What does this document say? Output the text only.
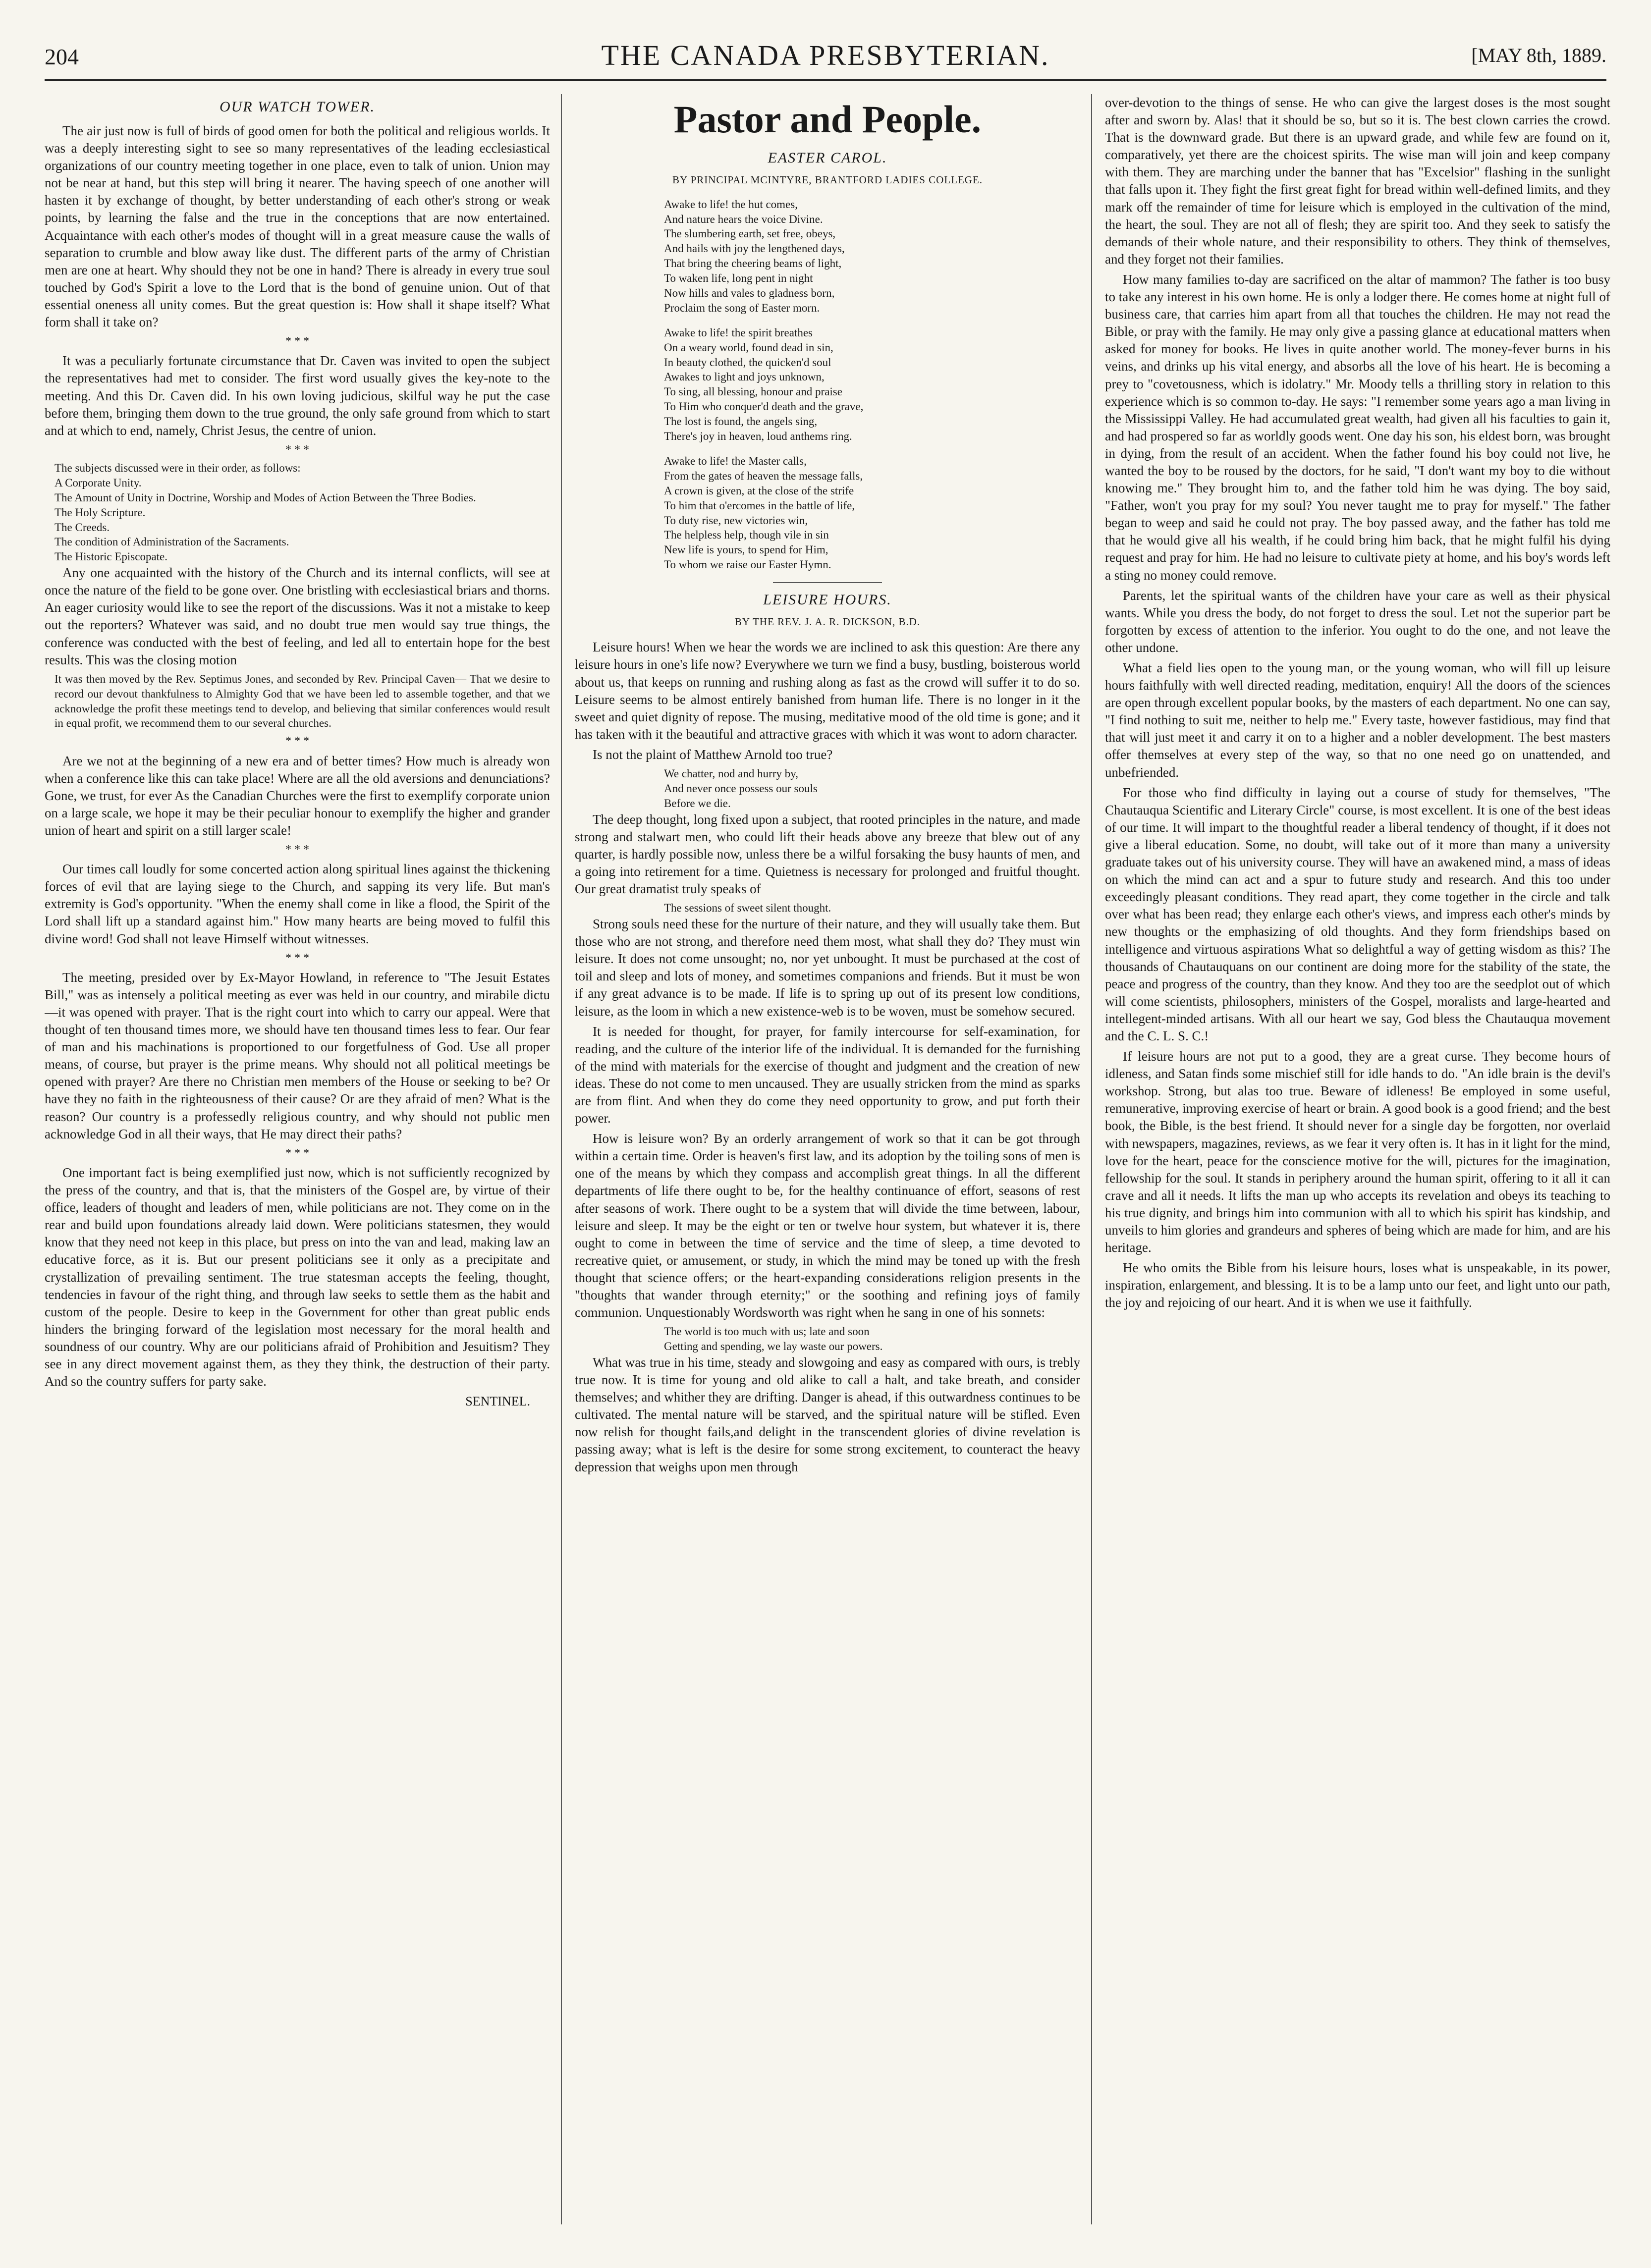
204	THE CANADA PRESBYTERIAN.	[MAY 8th, 1889.

OUR WATCH TOWER.

The air just now is full of birds of good omen for both the political and religious worlds. It was a deeply interesting sight to see so many representatives of the leading ecclesiastical organizations of our country meeting together in one place, even to talk of union. Union may not be near at hand, but this step will bring it nearer. The having speech of one another will hasten it by exchange of thought, by better understanding of each other's strong or weak points, by learning the false and the true in the conceptions that are now entertained. Acquaintance with each other's modes of thought will in a great measure cause the walls of separation to crumble and blow away like dust. The different parts of the army of Christian men are one at heart. Why should they not be one in hand? There is already in every true soul touched by God's Spirit a love to the Lord that is the bond of genuine union. Out of that essential oneness all unity comes. But the great question is: How shall it shape itself? What form shall it take on?

* * *

It was a peculiarly fortunate circumstance that Dr. Caven was invited to open the subject the representatives had met to consider. The first word usually gives the key-note to the meeting. And this Dr. Caven did. In his own loving judicious, skilful way he put the case before them, bringing them down to the true ground, the only safe ground from which to start and at which to end, namely, Christ Jesus, the centre of union.

* * *

The subjects discussed were in their order, as follows:

A Corporate Unity.

The Amount of Unity in Doctrine, Worship and Modes of Action Between the Three Bodies.

The Holy Scripture.

The Creeds.

The condition of Administration of the Sacraments.

The Historic Episcopate.

Any one acquainted with the history of the Church and its internal conflicts, will see at once the nature of the field to be gone over. One bristling with ecclesiastical briars and thorns. An eager curiosity would like to see the report of the discussions. Was it not a mistake to keep out the reporters? Whatever was said, and no doubt true men would say true things, the conference was conducted with the best of feeling, and led all to entertain hope for the best results. This was the closing motion

It was then moved by the Rev. Septimus Jones, and seconded by Rev. Principal Caven— That we desire to record our devout thankfulness to Almighty God that we have been led to assemble together, and that we acknowledge the profit these meetings tend to develop, and believing that similar conferences would result in equal profit, we recommend them to our several churches.

* * *

Are we not at the beginning of a new era and of better times? How much is already won when a conference like this can take place! Where are all the old aversions and denunciations? Gone, we trust, for ever As the Canadian Churches were the first to exemplify corporate union on a large scale, we hope it may be their peculiar honour to exemplify the higher and grander union of heart and spirit on a still larger scale!

* * *

Our times call loudly for some concerted action along spiritual lines against the thickening forces of evil that are laying siege to the Church, and sapping its very life. But man's extremity is God's opportunity. "When the enemy shall come in like a flood, the Spirit of the Lord shall lift up a standard against him." How many hearts are being moved to fulfil this divine word! God shall not leave Himself without witnesses.

* * *

The meeting, presided over by Ex-Mayor Howland, in reference to "The Jesuit Estates Bill," was as intensely a political meeting as ever was held in our country, and mirabile dictu—it was opened with prayer. That is the right court into which to carry our appeal. Were that thought of ten thousand times more, we should have ten thousand times less to fear. Our fear of man and his machinations is proportioned to our forgetfulness of God. Use all proper means, of course, but prayer is the prime means. Why should not all political meetings be opened with prayer? Are there no Christian men members of the House or seeking to be? Or have they no faith in the righteousness of their cause? Or are they afraid of men? What is the reason? Our country is a professedly religious country, and why should not public men acknowledge God in all their ways, that He may direct their paths?

* * *

One important fact is being exemplified just now, which is not sufficiently recognized by the press of the country, and that is, that the ministers of the Gospel are, by virtue of their office, leaders of thought and leaders of men, while politicians are not. They come on in the rear and build upon foundations already laid down. Were politicians statesmen, they would know that they need not keep in this place, but press on into the van and lead, making law an educative force, as it is. But our present politicians see it only as a precipitate and crystallization of prevailing sentiment. The true statesman accepts the feeling, thought, tendencies in favour of the right thing, and through law seeks to settle them as the habit and custom of the people. Desire to keep in the Government for other than great public ends hinders the bringing forward of the legislation most necessary for the moral health and soundness of our country. Why are our politicians afraid of Prohibition and Jesuitism? They see in any direct movement against them, as they they think, the destruction of their party. And so the country suffers for party sake.

SENTINEL.

Pastor and People.

EASTER CAROL.

BY PRINCIPAL MCINTYRE, BRANTFORD LADIES COLLEGE.

Awake to life! the hut comes,
And nature hears the voice Divine.
The slumbering earth, set free, obeys,
And hails with joy the lengthened days,
That bring the cheering beams of light,
To waken life, long pent in night
Now hills and vales to gladness born,
Proclaim the song of Easter morn.

Awake to life! the spirit breathes
On a weary world, found dead in sin,
In beauty clothed, the quicken'd soul
Awakes to light and joys unknown,
To sing, all blessing, honour and praise
To Him who conquer'd death and the grave,
The lost is found, the angels sing,
There's joy in heaven, loud anthems ring.

Awake to life! the Master calls,
From the gates of heaven the message falls,
A crown is given, at the close of the strife
To him that o'ercomes in the battle of life,
To duty rise, new victories win,
The helpless help, though vile in sin
New life is yours, to spend for Him,
To whom we raise our Easter Hymn.

LEISURE HOURS.

BY THE REV. J. A. R. DICKSON, B.D.

Leisure hours! When we hear the words we are inclined to ask this question: Are there any leisure hours in one's life now? Everywhere we turn we find a busy, bustling, boisterous world about us, that keeps on running and rushing along as fast as the crowd will suffer it to do so. Leisure seems to be almost entirely banished from human life. There is no longer in it the sweet and quiet dignity of repose. The musing, meditative mood of the old time is gone; and it has taken with it the beautiful and attractive graces with which it was wont to adorn character.

Is not the plaint of Matthew Arnold too true?

We chatter, nod and hurry by,
And never once possess our souls
Before we die.

The deep thought, long fixed upon a subject, that rooted principles in the nature, and made strong and stalwart men, who could lift their heads above any breeze that blew out of any quarter, is hardly possible now, unless there be a wilful forsaking the busy haunts of men, and a going into retirement for a time. Quietness is necessary for prolonged and fruitful thought. Our great dramatist truly speaks of

The sessions of sweet silent thought.

Strong souls need these for the nurture of their nature, and they will usually take them. But those who are not strong, and therefore need them most, what shall they do? They must win leisure. It does not come unsought; no, nor yet unbought. It must be purchased at the cost of toil and sleep and lots of money, and sometimes companions and friends. But it must be won if any great advance is to be made. If life is to spring up out of its present low conditions, leisure, as the loom in which a new existence-web is to be woven, must be somehow secured.

It is needed for thought, for prayer, for family intercourse for self-examination, for reading, and the culture of the interior life of the individual. It is demanded for the furnishing of the mind with materials for the exercise of thought and judgment and the creation of new ideas. These do not come to men uncaused. They are usually stricken from the mind as sparks are from flint. And when they do come they need opportunity to grow, and put forth their power.

How is leisure won? By an orderly arrangement of work so that it can be got through within a certain time. Order is heaven's first law, and its adoption by the toiling sons of men is one of the means by which they compass and accomplish great things. In all the different departments of life there ought to be, for the healthy continuance of effort, seasons of rest after seasons of work. There ought to be a system that will divide the time between, labour, leisure and sleep. It may be the eight or ten or twelve hour system, but whatever it is, there ought to come in between the time of service and the time of sleep, a time devoted to recreative quiet, or amusement, or study, in which the mind may be toned up with the fresh thought that science offers; or the heart-expanding considerations religion presents in the "thoughts that wander through eternity;" or the soothing and refining joys of family communion. Unquestionably Wordsworth was right when he sang in one of his sonnets:

The world is too much with us; late and soon
Getting and spending, we lay waste our powers.

What was true in his time, steady and slowgoing and easy as compared with ours, is trebly true now. It is time for young and old alike to call a halt, and take breath, and consider themselves; and whither they are drifting. Danger is ahead, if this outwardness continues to be cultivated. The mental nature will be starved, and the spiritual nature will be stifled. Even now relish for thought fails,and delight in the transcendent glories of divine revelation is passing away; what is left is the desire for some strong excitement, to counteract the heavy depression that weighs upon men through

over-devotion to the things of sense. He who can give the largest doses is the most sought after and sworn by. Alas! that it should be so, but so it is. The best clown carries the crowd. That is the downward grade. But there is an upward grade, and while few are found on it, comparatively, yet there are the choicest spirits. The wise man will join and keep company with them. They are marching under the banner that has "Excelsior" flashing in the sunlight that falls upon it. They fight the first great fight for bread within well-defined limits, and they mark off the remainder of time for leisure which is employed in the cultivation of the mind, the heart, the soul. They are not all of flesh; they are spirit too. And they seek to satisfy the demands of their whole nature, and their responsibility to others. They think of themselves, and they forget not their families.

How many families to-day are sacrificed on the altar of mammon? The father is too busy to take any interest in his own home. He is only a lodger there. He comes home at night full of business care, that carries him apart from all that touches the children. He may not read the Bible, or pray with the family. He may only give a passing glance at educational matters when asked for money for books. He lives in quite another world. The money-fever burns in his veins, and drinks up his vital energy, and absorbs all the love of his heart. He is becoming a prey to "covetousness, which is idolatry." Mr. Moody tells a thrilling story in relation to this experience which is so common to-day. He says: "I remember some years ago a man living in the Mississippi Valley. He had accumulated great wealth, had given all his faculties to gain it, and had prospered so far as worldly goods went. One day his son, his eldest born, was brought in dying, from the result of an accident. When the father found his boy could not live, he wanted the boy to be roused by the doctors, for he said, "I don't want my boy to die without knowing me." They brought him to, and the father told him he was dying. The boy said, "Father, won't you pray for my soul? You never taught me to pray for myself." The father began to weep and said he could not pray. The boy passed away, and the father has told me that he would give all his wealth, if he could bring him back, that he might fulfil his dying request and pray for him. He had no leisure to cultivate piety at home, and his boy's words left a sting no money could remove.

Parents, let the spiritual wants of the children have your care as well as their physical wants. While you dress the body, do not forget to dress the soul. Let not the superior part be forgotten by excess of attention to the inferior. You ought to do the one, and not leave the other undone.

What a field lies open to the young man, or the young woman, who will fill up leisure hours faithfully with well directed reading, meditation, enquiry! All the doors of the sciences are open through excellent popular books, by the masters of each department. No one can say, "I find nothing to suit me, neither to help me." Every taste, however fastidious, may find that that will just meet it and carry it on to a higher and a nobler development. The best masters offer themselves at every step of the way, so that no one need go on unattended, and unbefriended.

For those who find difficulty in laying out a course of study for themselves, "The Chautauqua Scientific and Literary Circle" course, is most excellent. It is one of the best ideas of our time. It will impart to the thoughtful reader a liberal tendency of thought, if it does not give a liberal education. Some, no doubt, will take out of it more than many a university graduate takes out of his university course. They will have an awakened mind, a mass of ideas on which the mind can act and a spur to future study and research. And this too under exceedingly pleasant conditions. They read apart, they come together in the circle and talk over what has been read; they enlarge each other's views, and impress each other's minds by new thoughts or the emphasizing of old thoughts. And they form friendships based on intelligence and virtuous aspirations What so delightful a way of getting wisdom as this? The thousands of Chautauquans on our continent are doing more for the stability of the state, the peace and progress of the country, than they know. And they too are the seedplot out of which will come scientists, philosophers, ministers of the Gospel, moralists and large-hearted and intellegent-minded artisans. With all our heart we say, God bless the Chautauqua movement and the C. L. S. C.!

If leisure hours are not put to a good, they are a great curse. They become hours of idleness, and Satan finds some mischief still for idle hands to do. "An idle brain is the devil's workshop. Strong, but alas too true. Beware of idleness! Be employed in some useful, remunerative, improving exercise of heart or brain. A good book is a good friend; and the best book, the Bible, is the best friend. It should never for a single day be forgotten, nor overlaid with newspapers, magazines, reviews, as we fear it very often is. It has in it light for the mind, love for the heart, peace for the conscience motive for the will, pictures for the imagination, fellowship for the soul. It stands in periphery around the human spirit, offering to it all it can crave and all it needs. It lifts the man up who accepts its revelation and obeys its teaching to his true dignity, and brings him into communion with all to which his spirit has kindship, and unveils to him glories and grandeurs and spheres of being which are made for him, and are his heritage.

He who omits the Bible from his leisure hours, loses what is unspeakable, in its power, inspiration, enlargement, and blessing. It is to be a lamp unto our feet, and light unto our path, the joy and rejoicing of our heart. And it is when we use it faithfully.
